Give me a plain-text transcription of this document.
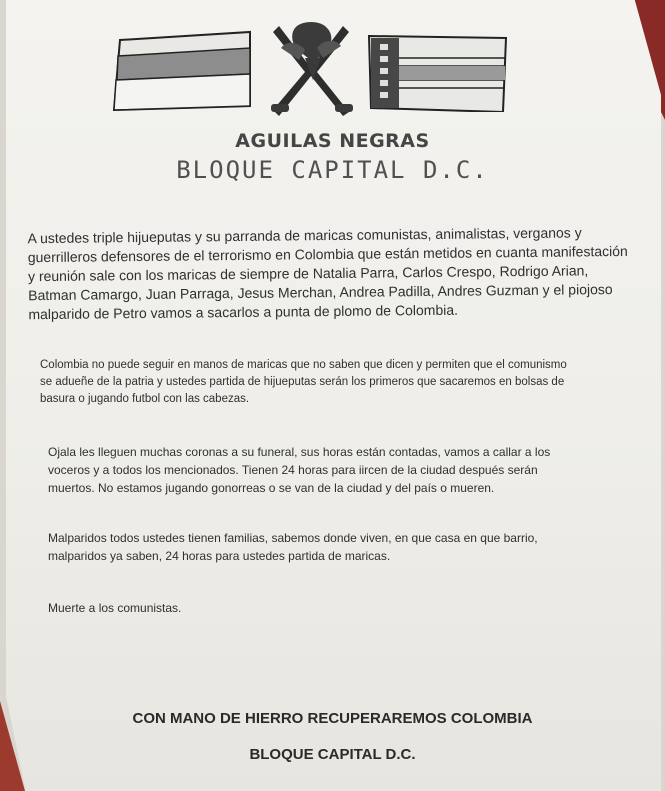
AGUILAS NEGRAS
BLOQUE CAPITAL D.C.
A ustedes triple hijueputas y su parranda de maricas comunistas, animalistas, verganos y guerrilleros defensores de el terrorismo en Colombia que están metidos en cuanta manifestación y reunión sale con los maricas de siempre de Natalia Parra, Carlos Crespo, Rodrigo Arian, Batman Camargo, Juan Parraga, Jesus Merchan, Andrea Padilla, Andres Guzman y el piojoso malparido de Petro vamos a sacarlos a punta de plomo de Colombia.
Colombia no puede seguir en manos de maricas que no saben que dicen y permiten que el comunismo se adueñe de la patria y ustedes partida de hijueputas serán los primeros que sacaremos en bolsas de basura o jugando futbol con las cabezas.
Ojala les lleguen muchas coronas a su funeral, sus horas están contadas, vamos a callar a los voceros y a todos los mencionados. Tienen 24 horas para iircen de la ciudad después serán muertos. No estamos jugando gonorreas o se van de la ciudad y del país o mueren.
Malparidos todos ustedes tienen familias, sabemos donde viven, en que casa en que barrio, malparidos ya saben, 24 horas para ustedes partida de maricas.
Muerte a los comunistas.
CON MANO DE HIERRO RECUPERAREMOS COLOMBIA
BLOQUE CAPITAL D.C.
